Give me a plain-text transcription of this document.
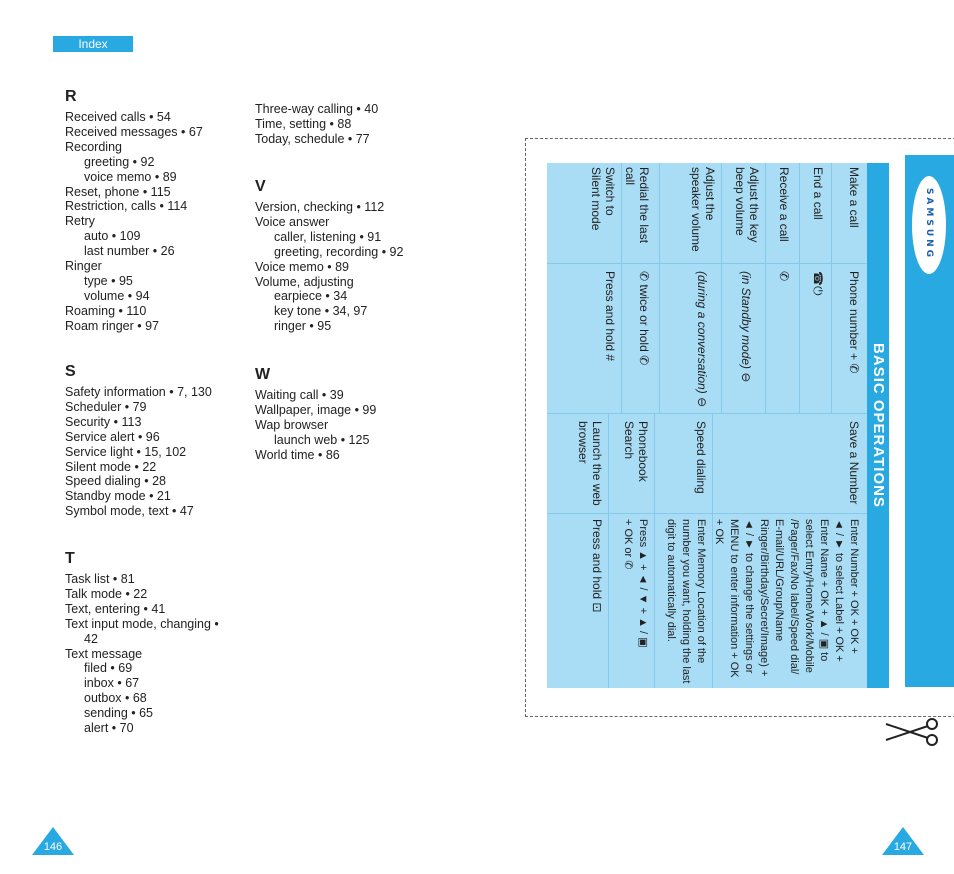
Index
R
Received calls • 54
Received messages • 67
Recording
greeting • 92
voice memo • 89
Reset, phone • 115
Restriction, calls • 114
Retry
auto • 109
last number • 26
Ringer
type • 95
volume • 94
Roaming • 110
Roam ringer • 97
S
Safety information • 7, 130
Scheduler • 79
Security • 113
Service alert • 96
Service light • 15, 102
Silent mode • 22
Speed dialing • 28
Standby mode • 21
Symbol mode, text • 47
T
Task list • 81
Talk mode • 22
Text, entering • 41
Text input mode, changing •
42
Text message
filed • 69
inbox • 67
outbox • 68
sending • 65
alert • 70
Three-way calling • 40
Time, setting • 88
Today, schedule • 77
V
Version, checking • 112
Voice answer
caller, listening • 91
greeting, recording • 92
Voice memo • 89
Volume, adjusting
earpiece • 34
key tone • 34, 97
ringer • 95
W
Waiting call • 39
Wallpaper, image • 99
Wap browser
launch web • 125
World time • 86
146	147
BASIC OPERATIONS
Make a call
Phone number + ✆
End a call
☎⏻
Receive a call
✆
Adjust the key
beep volume
(in Standby mode) ⊖
Adjust the
speaker volume
(during a conversation) ⊖
Redial the last call
✆ twice or hold ✆
Switch to
Silent mode
Press and hold #
Save a Number
Enter Number + OK + OK +
◄ / ► to select Label + OK +
Enter Name + OK + ▲ / ▣ to
select Entry/Home/Work/Mobile
/Pager/Fax/No label/Speed dial/
E-mail/URL/Group/Name
Ringer/Birthday/Secret/Image) +
◄ / ► to change the settings or
MENU to enter information + OK + OK
Speed dialing
Enter Memory Location of the
number you want, holding the last
digit to automatically dial.
Phonebook
Search
Press ▲ + ◄ / ▼ + ▲ / ▣
+ OK or ✆
Launch the web
browser
Press and hold ⊡
SAMSUNG
